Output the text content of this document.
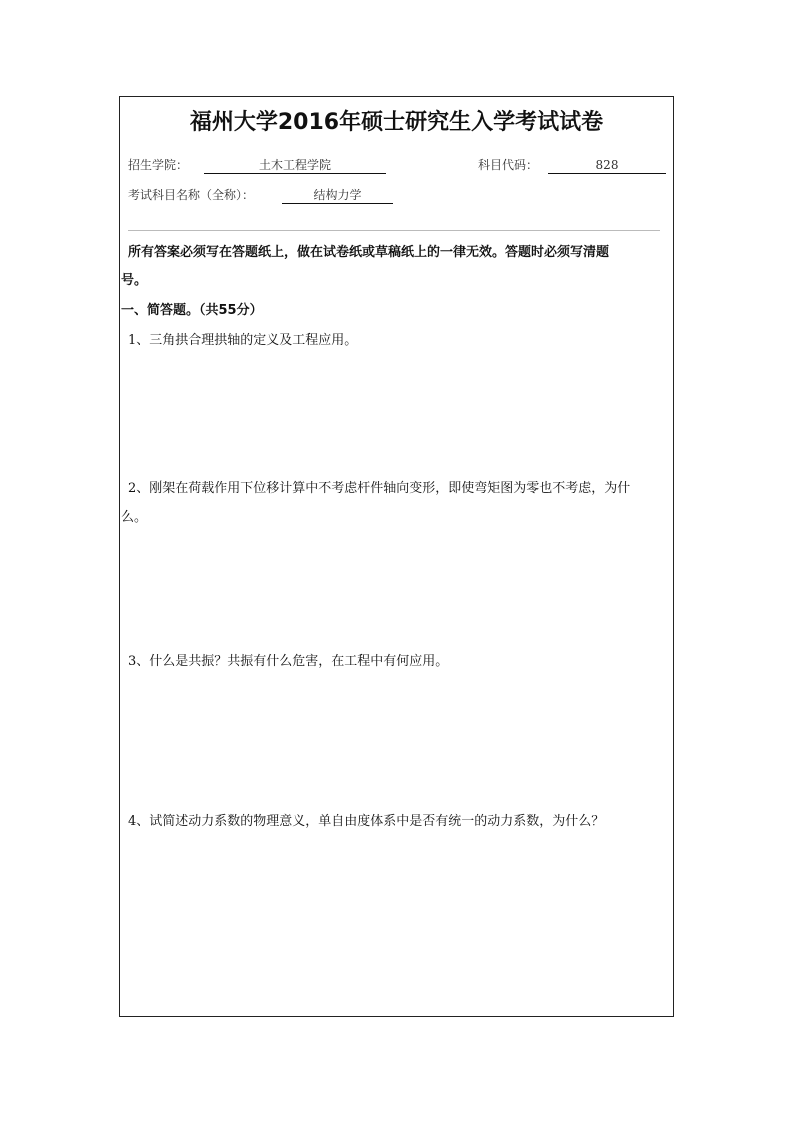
福州大学2016年硕士研究生入学考试试卷
招生学院：	土木工程学院	科目代码：	828
考试科目名称（全称）：	结构力学
所有答案必须写在答题纸上，做在试卷纸或草稿纸上的一律无效。答题时必须写清题
号。
一、简答题。（共55分）
1、三角拱合理拱轴的定义及工程应用。
2、刚架在荷载作用下位移计算中不考虑杆件轴向变形，即使弯矩图为零也不考虑，为什
么。
3、什么是共振？共振有什么危害，在工程中有何应用。
4、试简述动力系数的物理意义，单自由度体系中是否有统一的动力系数，为什么？
